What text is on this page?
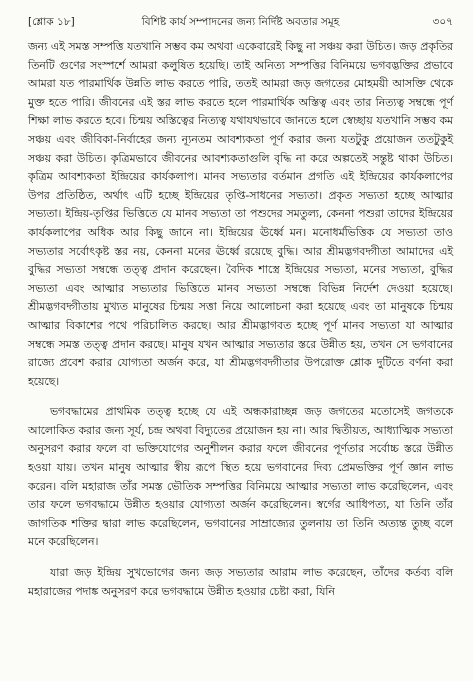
[শ্লোক ১৮]	বিশিষ্ট কার্য সম্পাদনের জন্য নির্দিষ্ট অবতার সমূহ	৩০৭

জন্য এই সমস্ত সম্পত্তি যতখানি সম্ভব কম অথবা একেবারেই কিছু না সঞ্চয় করা উচিত। জড় প্রকৃতির তিনটি গুণের সংস্পর্শে আমরা কলুষিত হয়েছি। তাই অনিত্য সম্পত্তির বিনিময়ে ভগবদ্ভক্তির প্রভাবে আমরা যত পারমার্থিক উন্নতি লাভ করতে পারি, ততই আমরা জড় জগতের মোহময়ী আসক্তি থেকে মুক্ত হতে পারি। জীবনের এই স্তর লাভ করতে হলে পারমার্থিক অস্তিত্ব এবং তার নিত্যত্ব সম্বন্ধে পূর্ণ শিক্ষা লাভ করতে হবে। চিন্ময় অস্তিত্বের নিত্যত্ব যথাযথভাবে জানতে হলে স্বেচ্ছায় যতখানি সম্ভব কম সঞ্চয় এবং জীবিকা-নির্বাহের জন্য ন্যূনতম আবশ্যকতা পূর্ণ করার জন্য যতটুকু প্রয়োজন ততটুকুই সঞ্চয় করা উচিত। কৃত্রিমভাবে জীবনের আবশ্যকতাগুলি বৃদ্ধি না করে অল্পতেই সন্তুষ্ট থাকা উচিত। কৃত্রিম আবশ্যকতা ইন্দ্রিয়ের কার্যকলাপ। মানব সভ্যতার বর্তমান প্রগতি এই ইন্দ্রিয়ের কার্যকলাপের উপর প্রতিষ্ঠিত, অর্থাৎ এটি হচ্ছে ইন্দ্রিয়ের তৃপ্তি-সাধনের সভ্যতা। প্রকৃত সভ্যতা হচ্ছে আত্মার সভ্যতা। ইন্দ্রিয়-তৃপ্তির ভিত্তিতে যে মানব সভ্যতা তা পশুদের সমতুল্য, কেননা পশুরা তাদের ইন্দ্রিয়ের কার্যকলাপের অধিক আর কিছু জানে না। ইন্দ্রিয়ের ঊর্ধ্বে মন। মনোধর্মভিত্তিক যে সভ্যতা তাও সভ্যতার সর্বোৎকৃষ্ট স্তর নয়, কেননা মনের ঊর্ধ্বে রয়েছে বুদ্ধি। আর শ্রীমদ্ভগবদ্গীতা আমাদের এই বুদ্ধির সভ্যতা সম্বন্ধে তত্ত্ব প্রদান করেছেন। বৈদিক শাস্ত্রে ইন্দ্রিয়ের সভ্যতা, মনের সভ্যতা, বুদ্ধির সভ্যতা এবং আত্মার সভ্যতার ভিত্তিতে মানব সভ্যতা সম্বন্ধে বিভিন্ন নির্দেশ দেওয়া হয়েছে। শ্রীমদ্ভগবদ্গীতায় মুখ্যত মানুষের চিন্ময় সত্তা নিয়ে আলোচনা করা হয়েছে এবং তা মানুষকে চিন্ময় আত্মার বিকাশের পথে পরিচালিত করছে। আর শ্রীমদ্ভাগবত হচ্ছে পূর্ণ মানব সভ্যতা যা আত্মার সম্বন্ধে সমস্ত তত্ত্ব প্রদান করছে। মানুষ যখন আত্মার সভ্যতার স্তরে উন্নীত হয়, তখন সে ভগবানের রাজ্যে প্রবেশ করার যোগ্যতা অর্জন করে, যা শ্রীমদ্ভগবদ্গীতার উপরোক্ত শ্লোক দুটিতে বর্ণনা করা হয়েছে।

ভগবদ্ধামের প্রাথমিক তত্ত্ব হচ্ছে যে এই অন্ধকারাচ্ছন্ন জড় জগতের মতোসেই জগতকে আলোকিত করার জন্য সূর্য, চন্দ্র অথবা বিদ্যুতের প্রয়োজন হয় না। আর দ্বিতীয়ত, আধ্যাত্মিক সভ্যতা অনুসরণ করার ফলে বা ভক্তিযোগের অনুশীলন করার ফলে জীবনের পূর্ণতার সর্বোচ্চ স্তরে উন্নীত হওয়া যায়। তখন মানুষ আত্মার স্বীয় রূপে স্থিত হয়ে ভগবানের দিব্য প্রেমভক্তির পূর্ণ জ্ঞান লাভ করেন। বলি মহারাজ তাঁর সমস্ত ভৌতিক সম্পত্তির বিনিময়ে আত্মার সভ্যতা লাভ করেছিলেন, এবং তার ফলে ভগবদ্ধামে উন্নীত হওয়ার যোগ্যতা অর্জন করেছিলেন। স্বর্গের আধিপত্য, যা তিনি তাঁর জাগতিক শক্তির দ্বারা লাভ করেছিলেন, ভগবানের সাম্রাজ্যের তুলনায় তা তিনি অত্যন্ত তুচ্ছ বলে মনে করেছিলেন।

যারা জড় ইন্দ্রিয় সুখভোগের জন্য জড় সভ্যতার আরাম লাভ করেছেন, তাঁদের কর্তব্য বলি মহারাজের পদাঙ্ক অনুসরণ করে ভগবদ্ধামে উন্নীত হওয়ার চেষ্টা করা, যিনি
